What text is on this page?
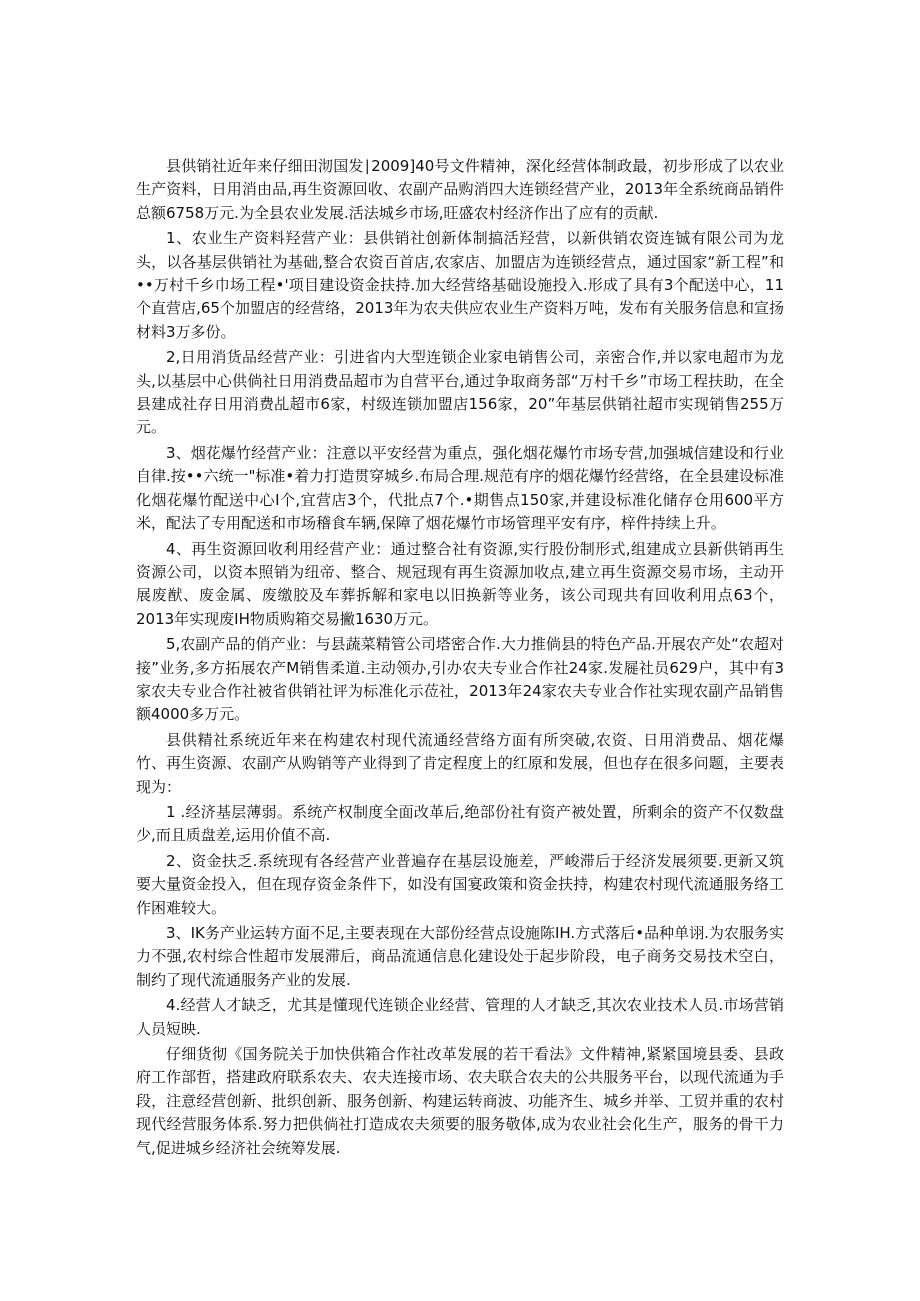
县供销社近年来仔细田沏国发∣2009]40号文件精神，深化经营体制政最，初步形成了以农业生产资料，日用消由品,再生资源回收、农副产品购消四大连锁经营产业，2013年全系统商品销件总额6758万元.为全县农业发展.活法城乡市场,旺盛农村经济作出了应有的贡献.

1、农业生产资料羟营产业：县供销社创新体制搞活羟营，以新供销农资连铖有限公司为龙头，以各基层供销社为基础,整合农资百首店,农家店、加盟店为连锁经营点，通过国家“新工程”和••万村千乡巾场工程•'项目建设资金扶持.加大经营络基础设施投入.形成了具有3个配送中心，11个直营店,65个加盟店的经营络，2013年为农夫供应农业生产资料万吨，发布有关服务信息和宣扬材料3万多份。

2,日用消货品经营产业：引进省内大型连锁企业家电销售公司，亲密合作,并以家电超市为龙头,以基层中心供倘社日用消费品超市为自营平台,通过争取商务部“万村千乡”市场工程扶助，在全县建成社存日用消费乩超市6家，村级连锁加盟店156家，20”年基层供销社超市实现销售255万元。

3、烟花爆竹经营产业：注意以平安经营为重点，强化烟花爆竹市场专营,加强城信建设和行业自律.按••六统一"标准•着力打造贯穿城乡.布局合理.规范有序的烟花爆竹经营络，在全县建设标准化烟花爆竹配送中心I个,宜营店3个，代批点7个.•期售点150家,并建设标准化储存仓用600平方米，配法了专用配送和市场稽食车辆,保障了烟花爆竹市场管理平安有序，梓件持续上升。

4、再生资源回收利用经营产业：通过整合社有资源,实行股份制形式,组建成立县新供销再生资源公司，以资本照销为纽帝、整合、规冠现有再生资源加收点,建立再生资源交易市场，主动开展废猷、废金属、废缴胶及车葬拆解和家电以旧换新等业务，该公司现共有回收利用点63个，2013年实现废IH物质购箱交易撇1630万元。

5,农副产品的俏产业：与县蔬菜精管公司塔密合作.大力推倘县的特色产品.开展农产处“农超对接”业务,多方拓展农产M销售柔道.主动领办,引办农夫专业合作社24家.发屣社员629户，其中有3家农夫专业合作社被省供销社评为标准化示莅社，2013年24家农夫专业合作社实现农副产品销售额4000多万元。

县供精社系统近年来在构建农村现代流通经营络方面有所突破,农资、日用消费品、烟花爆竹、再生资源、农副产从购销等产业得到了肯定程度上的红原和发展，但也存在很多问题，主要表现为：

1 .经济基层薄弱。系统产权制度全面改革后,绝部份社有资产被处置，所剩余的资产不仅数盘少,而且质盘差,运用价值不高.

2、资金扶乏.系统现有各经营产业普遍存在基层设施差，严峻滞后于经济发展须要.更新又筑要大量资金投入，但在现存资金条件下，如没有国宴政策和资金扶持，构建农村现代流通服务络工作困难较大。

3、IK务产业运转方面不足,主要表现在大部份经营点设施陈IH.方式落后•品种单诩.为农服务实力不强,农村综合性超市发展滞后，商品流通信息化建设处于起步阶段，电子商务交易技术空白，制约了现代流通服务产业的发展.

4.经营人才缺乏，尤其是懂现代连锁企业经营、管理的人才缺乏,其次农业技术人员.市场营销人员短映.

仔细货彻《国务院关于加快供箱合作社改革发展的若干看法》文件精神,紧紧国境县委、县政府工作部哲，搭建政府联系农夫、农夫连接市场、农夫联合农夫的公共服务平台，以现代流通为手段，注意经营创新、批织创新、服务创新、构建运转商波、功能齐生、城乡并举、工贸并重的农村现代经营服务体系.努力把供倘社打造成农夫须要的服务敬体,成为农业社会化生产，服务的骨干力气,促进城乡经济社会统筹发展.
